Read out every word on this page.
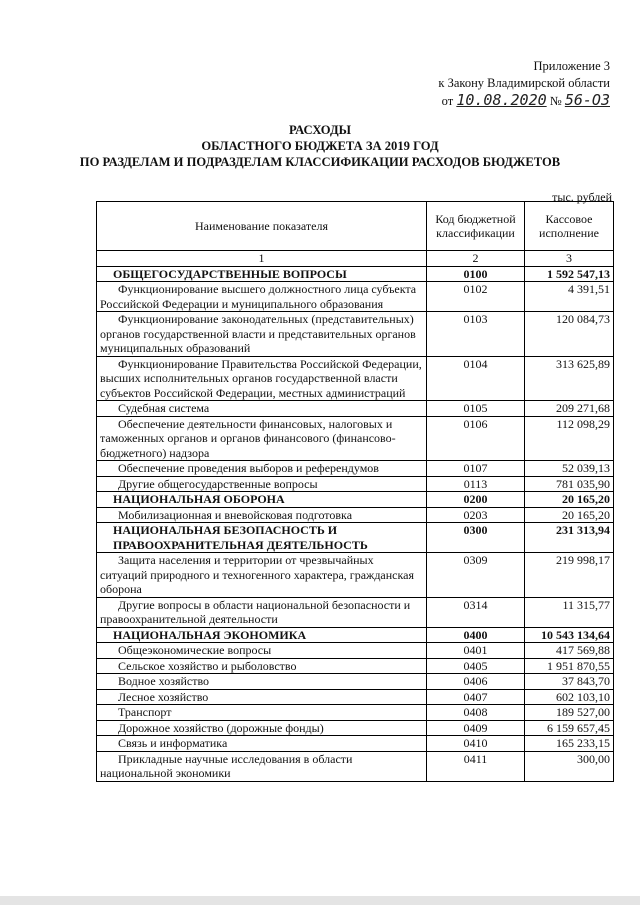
Приложение 3
к Закону Владимирской области
от 10.08.2020 № 56-ОЗ
РАСХОДЫ
ОБЛАСТНОГО БЮДЖЕТА ЗА 2019 ГОД
ПО РАЗДЕЛАМ И ПОДРАЗДЕЛАМ КЛАССИФИКАЦИИ РАСХОДОВ БЮДЖЕТОВ
тыс. рублей
Наименование показателя	Код бюджетной классификации	Кассовое исполнение
1	2	3
ОБЩЕГОСУДАРСТВЕННЫЕ ВОПРОСЫ	0100	1 592 547,13
Функционирование высшего должностного лица субъекта Российской Федерации и муниципального образования	0102	4 391,51
Функционирование законодательных (представительных) органов государственной власти и представительных органов муниципальных образований	0103	120 084,73
Функционирование Правительства Российской Федерации, высших исполнительных органов государственной власти субъектов Российской Федерации, местных администраций	0104	313 625,89
Судебная система	0105	209 271,68
Обеспечение деятельности финансовых, налоговых и таможенных органов и органов финансового (финансово-бюджетного) надзора	0106	112 098,29
Обеспечение проведения выборов и референдумов	0107	52 039,13
Другие общегосударственные вопросы	0113	781 035,90
НАЦИОНАЛЬНАЯ ОБОРОНА	0200	20 165,20
Мобилизационная и вневойсковая подготовка	0203	20 165,20
НАЦИОНАЛЬНАЯ БЕЗОПАСНОСТЬ И ПРАВООХРАНИТЕЛЬНАЯ ДЕЯТЕЛЬНОСТЬ	0300	231 313,94
Защита населения и территории от чрезвычайных ситуаций природного и техногенного характера, гражданская оборона	0309	219 998,17
Другие вопросы в области национальной безопасности и правоохранительной деятельности	0314	11 315,77
НАЦИОНАЛЬНАЯ ЭКОНОМИКА	0400	10 543 134,64
Общеэкономические вопросы	0401	417 569,88
Сельское хозяйство и рыболовство	0405	1 951 870,55
Водное хозяйство	0406	37 843,70
Лесное хозяйство	0407	602 103,10
Транспорт	0408	189 527,00
Дорожное хозяйство (дорожные фонды)	0409	6 159 657,45
Связь и информатика	0410	165 233,15
Прикладные научные исследования в области национальной экономики	0411	300,00
